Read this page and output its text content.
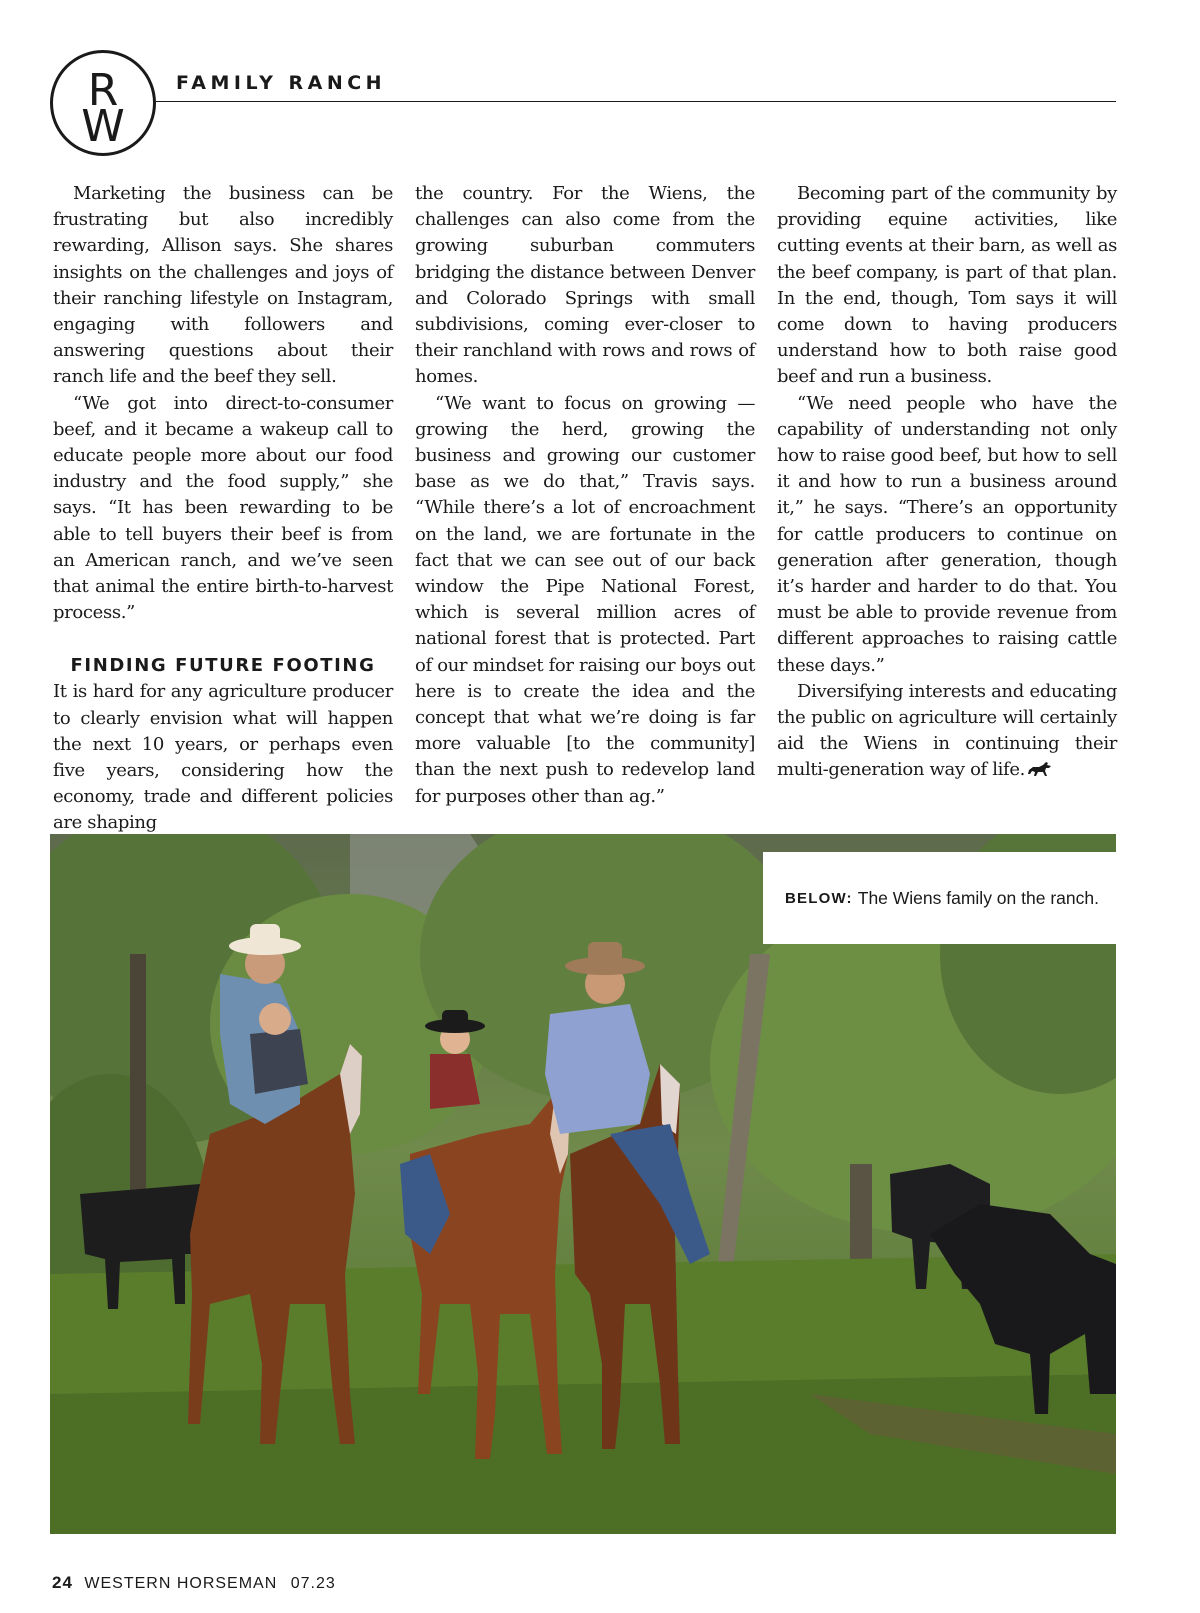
R
W
FAMILY RANCH

Marketing the business can be frustrating but also incredibly rewarding, Allison says. She shares insights on the challenges and joys of their ranching lifestyle on Instagram, engaging with followers and answering questions about their ranch life and the beef they sell.

“We got into direct-to-consumer beef, and it became a wakeup call to educate people more about our food industry and the food supply,” she says. “It has been rewarding to be able to tell buyers their beef is from an American ranch, and we’ve seen that animal the entire birth-to-harvest process.”

FINDING FUTURE FOOTING

It is hard for any agriculture producer to clearly envision what will happen the next 10 years, or perhaps even five years, considering how the economy, trade and different policies are shaping

the country. For the Wiens, the challenges can also come from the growing suburban commuters bridging the distance between Denver and Colorado Springs with small subdivisions, coming ever-closer to their ranchland with rows and rows of homes.

“We want to focus on growing — growing the herd, growing the business and growing our customer base as we do that,” Travis says. “While there’s a lot of encroachment on the land, we are fortunate in the fact that we can see out of our back window the Pipe National Forest, which is several million acres of national forest that is protected. Part of our mindset for raising our boys out here is to create the idea and the concept that what we’re doing is far more valuable [to the community] than the next push to redevelop land for purposes other than ag.”

Becoming part of the community by providing equine activities, like cutting events at their barn, as well as the beef company, is part of that plan. In the end, though, Tom says it will come down to having producers understand how to both raise good beef and run a business.

“We need people who have the capability of understanding not only how to raise good beef, but how to sell it and how to run a business around it,” he says. “There’s an opportunity for cattle producers to continue on generation after generation, though it’s harder and harder to do that. You must be able to provide revenue from different approaches to raising cattle these days.”

Diversifying interests and educating the public on agriculture will certainly aid the Wiens in continuing their multi-generation way of life.

BELOW: The Wiens family on the ranch.
24 WESTERN HORSEMAN 07.23
